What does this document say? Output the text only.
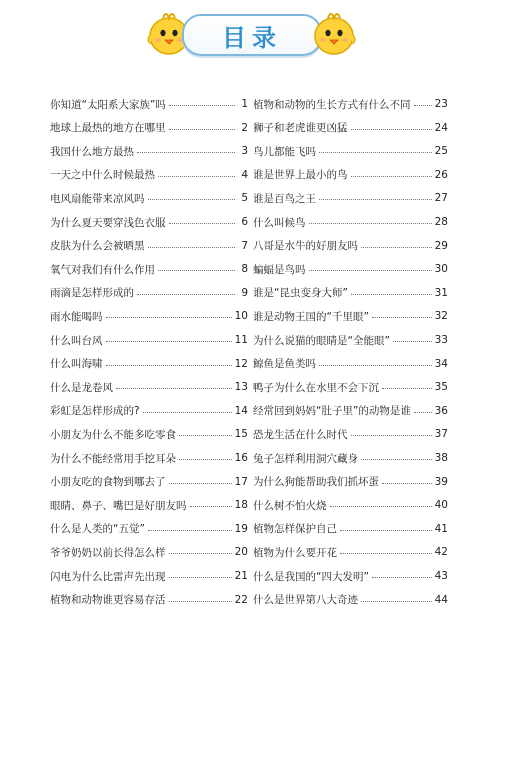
目录
你知道“太阳系大家族”吗	1
地球上最热的地方在哪里	2
我国什么地方最热	3
一天之中什么时候最热	4
电风扇能带来凉风吗	5
为什么夏天要穿浅色衣服	6
皮肤为什么会被晒黑	7
氧气对我们有什么作用	8
雨滴是怎样形成的	9
雨水能喝吗	10
什么叫台风	11
什么叫海啸	12
什么是龙卷风	13
彩虹是怎样形成的?	14
小朋友为什么不能多吃零食	15
为什么不能经常用手挖耳朵	16
小朋友吃的食物到哪去了	17
眼睛、鼻子、嘴巴是好朋友吗	18
什么是人类的“五觉”	19
爷爷奶奶以前长得怎么样	20
闪电为什么比雷声先出现	21
植物和动物谁更容易存活	22
植物和动物的生长方式有什么不同 23
狮子和老虎谁更凶猛	24
鸟儿都能飞吗	25
谁是世界上最小的鸟	26
谁是百鸟之王	27
什么叫候鸟	28
八哥是水牛的好朋友吗	29
蝙蝠是鸟吗	30
谁是“昆虫变身大师”	31
谁是动物王国的“千里眼”	32
为什么说猫的眼睛是“全能眼”	33
鲸鱼是鱼类吗	34
鸭子为什么在水里不会下沉	35
经常回到妈妈“肚子里”的动物是谁 36
恐龙生活在什么时代	37
兔子怎样利用洞穴藏身	38
为什么狗能帮助我们抓坏蛋	39
什么树不怕火烧	40
植物怎样保护自己	41
植物为什么要开花	42
什么是我国的“四大发明”	43
什么是世界第八大奇迹	44
